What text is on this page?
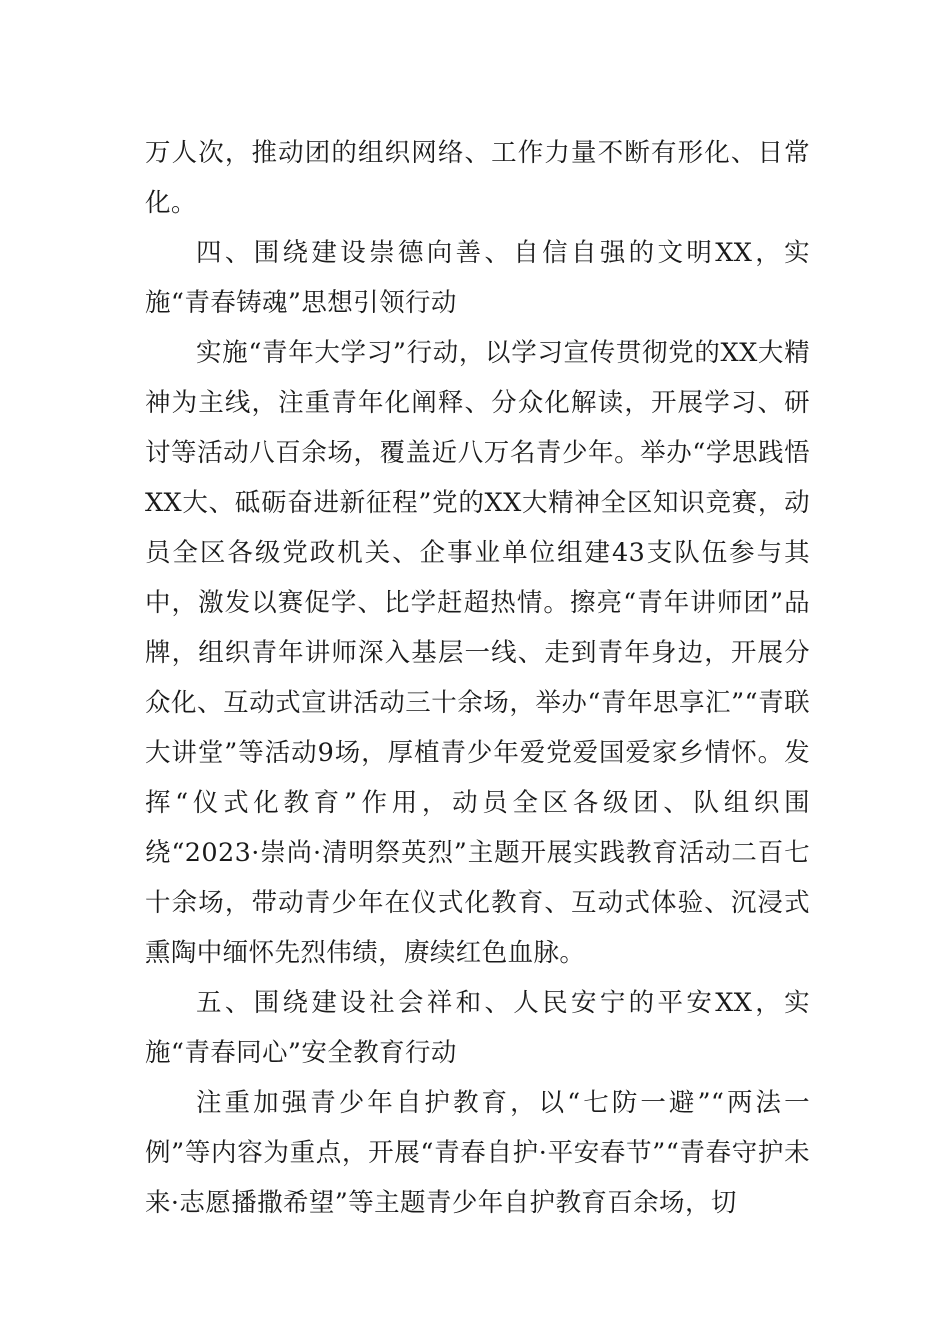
万人次，推动团的组织网络、工作力量不断有形化、日常化。

四、围绕建设崇德向善、自信自强的文明XX，实施“青春铸魂”思想引领行动

实施“青年大学习”行动，以学习宣传贯彻党的XX大精神为主线，注重青年化阐释、分众化解读，开展学习、研讨等活动八百余场，覆盖近八万名青少年。举办“学思践悟XX大、砥砺奋进新征程”党的XX大精神全区知识竞赛，动员全区各级党政机关、企事业单位组建43支队伍参与其中，激发以赛促学、比学赶超热情。擦亮“青年讲师团”品牌，组织青年讲师深入基层一线、走到青年身边，开展分众化、互动式宣讲活动三十余场，举办“青年思享汇”“青联大讲堂”等活动9场，厚植青少年爱党爱国爱家乡情怀。发挥“仪式化教育”作用，动员全区各级团、队组织围绕“2023·崇尚·清明祭英烈”主题开展实践教育活动二百七十余场，带动青少年在仪式化教育、互动式体验、沉浸式熏陶中缅怀先烈伟绩，赓续红色血脉。

五、围绕建设社会祥和、人民安宁的平安XX，实施“青春同心”安全教育行动

注重加强青少年自护教育，以“七防一避”“两法一例”等内容为重点，开展“青春自护·平安春节”“青春守护未来·志愿播撒希望”等主题青少年自护教育百余场，切
